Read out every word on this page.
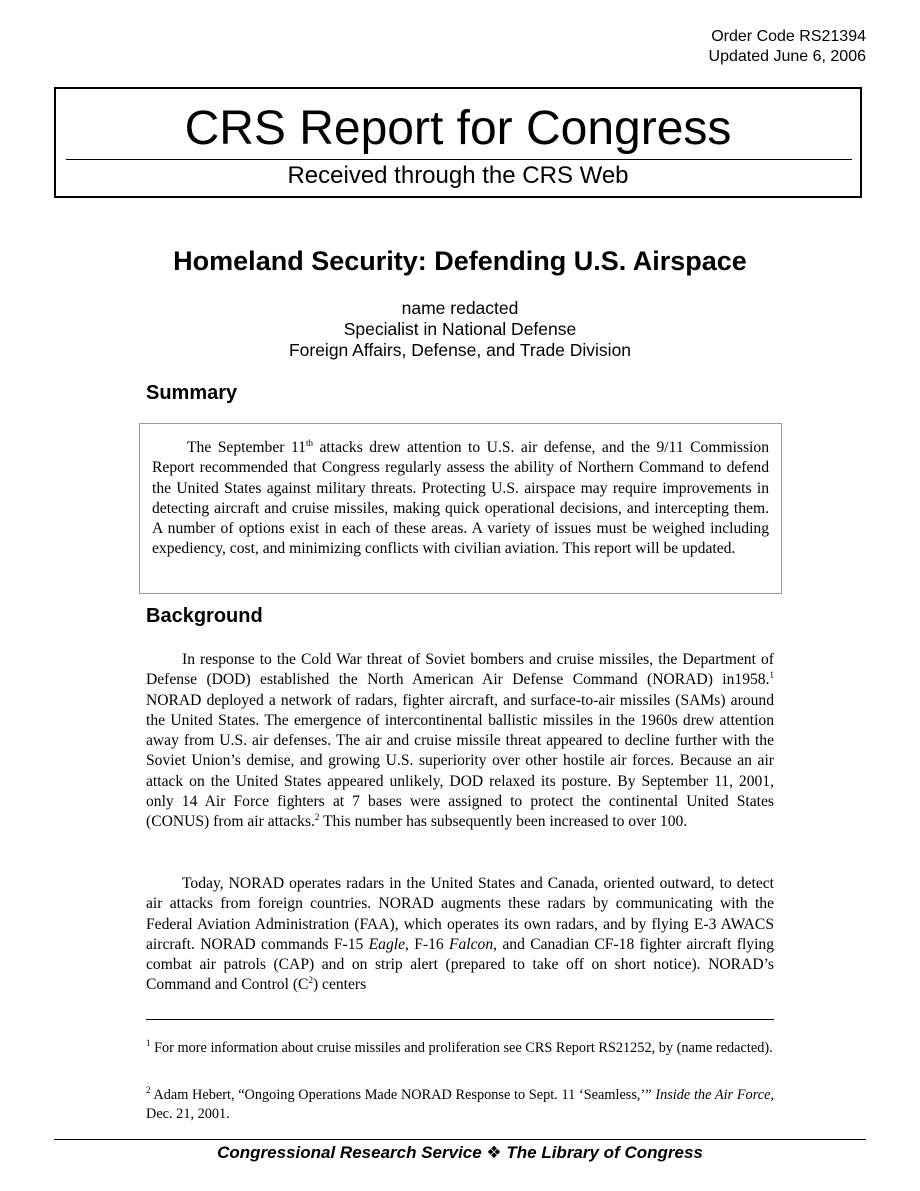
Order Code RS21394
Updated June 6, 2006
CRS Report for Congress
Received through the CRS Web
Homeland Security: Defending U.S. Airspace
name redacted
Specialist in National Defense
Foreign Affairs, Defense, and Trade Division
Summary

The September 11th attacks drew attention to U.S. air defense, and the 9/11 Commission Report recommended that Congress regularly assess the ability of Northern Command to defend the United States against military threats. Protecting U.S. airspace may require improvements in detecting aircraft and cruise missiles, making quick operational decisions, and intercepting them. A number of options exist in each of these areas. A variety of issues must be weighed including expediency, cost, and minimizing conflicts with civilian aviation. This report will be updated.

Background

In response to the Cold War threat of Soviet bombers and cruise missiles, the Department of Defense (DOD) established the North American Air Defense Command (NORAD) in1958.$^1$ NORAD deployed a network of radars, fighter aircraft, and surface-to-air missiles (SAMs) around the United States. The emergence of intercontinental ballistic missiles in the 1960s drew attention away from U.S. air defenses. The air and cruise missile threat appeared to decline further with the Soviet Union’s demise, and growing U.S. superiority over other hostile air forces. Because an air attack on the United States appeared unlikely, DOD relaxed its posture. By September 11, 2001, only 14 Air Force fighters at 7 bases were assigned to protect the continental United States (CONUS) from air attacks.$^2$ This number has subsequently been increased to over 100.

Today, NORAD operates radars in the United States and Canada, oriented outward, to detect air attacks from foreign countries. NORAD augments these radars by communicating with the Federal Aviation Administration (FAA), which operates its own radars, and by flying E-3 AWACS aircraft. NORAD commands F-15 Eagle, F-16 Falcon, and Canadian CF-18 fighter aircraft flying combat air patrols (CAP) and on strip alert (prepared to take off on short notice). NORAD’s Command and Control $(C^2)$ centers

$^1$ For more information about cruise missiles and proliferation see CRS Report RS21252, by (name redacted).

$^2$ Adam Hebert, “Ongoing Operations Made NORAD Response to Sept. 11 ‘Seamless,’” Inside the Air Force, Dec. 21, 2001.

Congressional Research Service ❖ The Library of Congress
